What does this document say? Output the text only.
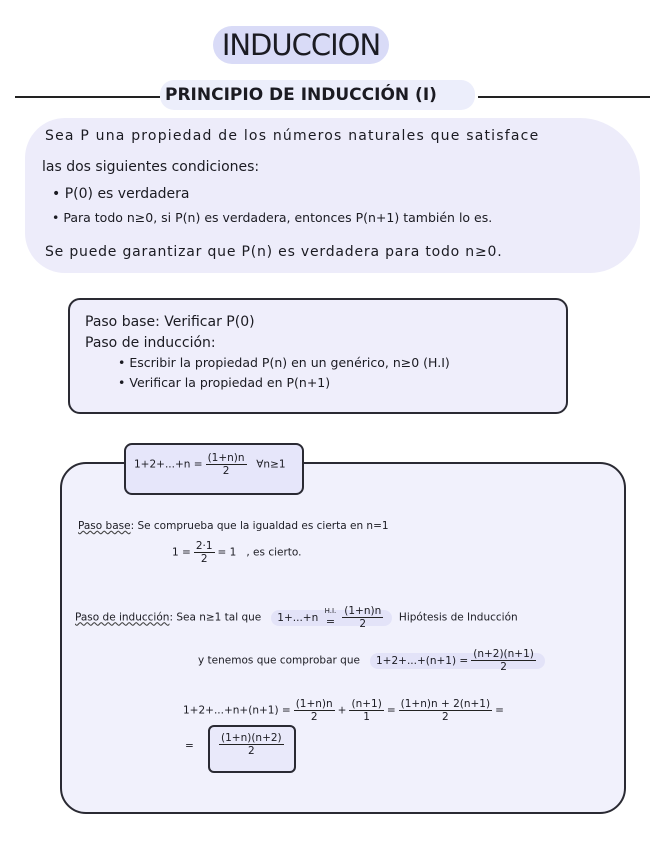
INDUCCION
PRINCIPIO DE INDUCCIÓN (I)
Sea P una propiedad de los números naturales que satisface
las dos siguientes condiciones:
• P(0) es verdadera
• Para todo n≥0, si P(n) es verdadera, entonces P(n+1) también lo es.
Se puede garantizar que P(n) es verdadera para todo n≥0.
Paso base: Verificar P(0)
Paso de inducción:
• Escribir la propiedad P(n) en un genérico, n≥0 (H.I)
• Verificar la propiedad en P(n+1)
$1+2+...+n = \frac{(1+n)n}{2}$ ∀n≥1
Paso base: Se comprueba que la igualdad es cierta en n=1
$1 = \frac{2\cdot 1}{2} = 1$ , es cierto.
Paso de inducción: Sea n≥1 tal que 1+...+n
H.I.
= $\frac{(1+n)n}{2}$ Hipótesis de Inducción
y tenemos que comprobar que $1+2+...+(n+1) = \frac{(n+2)(n+1)}{2}$
$1+2+...+n+(n+1) = \frac{(1+n)n}{2} + \frac{(n+1)}{1} = \frac{(1+n)n + 2(n+1)}{2}$ =
= $\frac{(1+n)(n+2)}{2}$
